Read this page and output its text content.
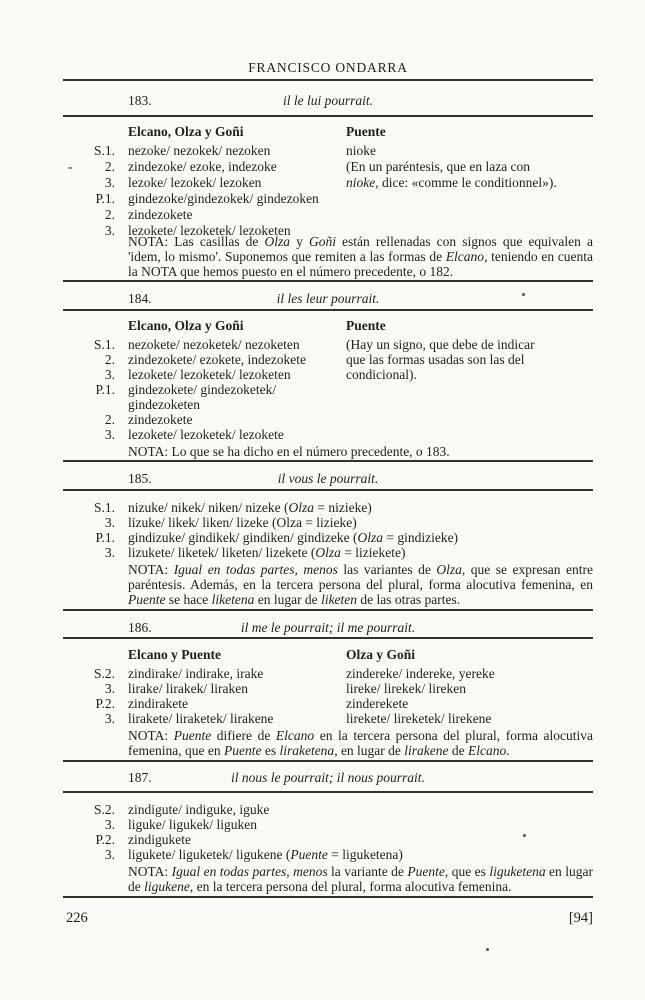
FRANCISCO ONDARRA
183.	il le lui pourrait.
-
Elcano, Olza y Goñi	Puente
S.1. nezoke/ nezokek/ nezoken	nioke
2. zindezoke/ ezoke, indezoke	(En un paréntesis, que en laza con
3. lezoke/ lezokek/ lezoken	nioke, dice: «comme le conditionnel»).
P.1. gindezoke/gindezokek/ gindezoken
2. zindezokete
3. lezokete/ lezoketek/ lezoketen
NOTA: Las casillas de Olza y Goñi están rellenadas con signos que equivalen a 'idem, lo mismo'. Suponemos que remiten a las formas de Elcano, teniendo en cuenta la NOTA que hemos puesto en el número precedente, o 182.
184.	il les leur pourrait.
Elcano, Olza y Goñi	Puente
S.1. nezokete/ nezoketek/ nezoketen	(Hay un signo, que debe de indicar
2. zindezokete/ ezokete, indezokete	que las formas usadas son las del
3. lezokete/ lezoketek/ lezoketen	condicional).
P.1. gindezokete/ gindezoketek/ gindezoketen
2. zindezokete
3. lezokete/ lezoketek/ lezokete
NOTA: Lo que se ha dicho en el número precedente, o 183.
185.	il vous le pourrait.
S.1. nizuke/ nikek/ niken/ nizeke (Olza = nizieke)
3. lizuke/ likek/ liken/ lizeke (Olza = lizieke)
P.1. gindizuke/ gindikek/ gindiken/ gindizeke (Olza = gindizieke)
3. lizukete/ liketek/ liketen/ lizekete (Olza = liziekete)
NOTA: Igual en todas partes, menos las variantes de Olza, que se expresan entre paréntesis. Además, en la tercera persona del plural, forma alocutiva femenina, en Puente se hace liketena en lugar de liketen de las otras partes.
186.	il me le pourrait; il me pourrait.
Elcano y Puente	Olza y Goñi
S.2. zindirake/ indirake, irake	zindereke/ indereke, yereke
3. lirake/ lirakek/ liraken	lireke/ lirekek/ lireken
P.2. zindirakete	zinderekete
3. lirakete/ liraketek/ lirakene	lirekete/ lireketek/ lirekene
NOTA: Puente difiere de Elcano en la tercera persona del plural, forma alocutiva femenina, que en Puente es liraketena, en lugar de lirakene de Elcano.
187.	il nous le pourrait; il nous pourrait.
S.2. zindigute/ indiguke, iguke
3. liguke/ ligukek/ liguken
P.2. zindigukete
3. ligukete/ liguketek/ ligukene (Puente = liguketena)
NOTA: Igual en todas partes, menos la variante de Puente, que es liguketena en lugar de ligukene, en la tercera persona del plural, forma alocutiva femenina.
226	[94]
